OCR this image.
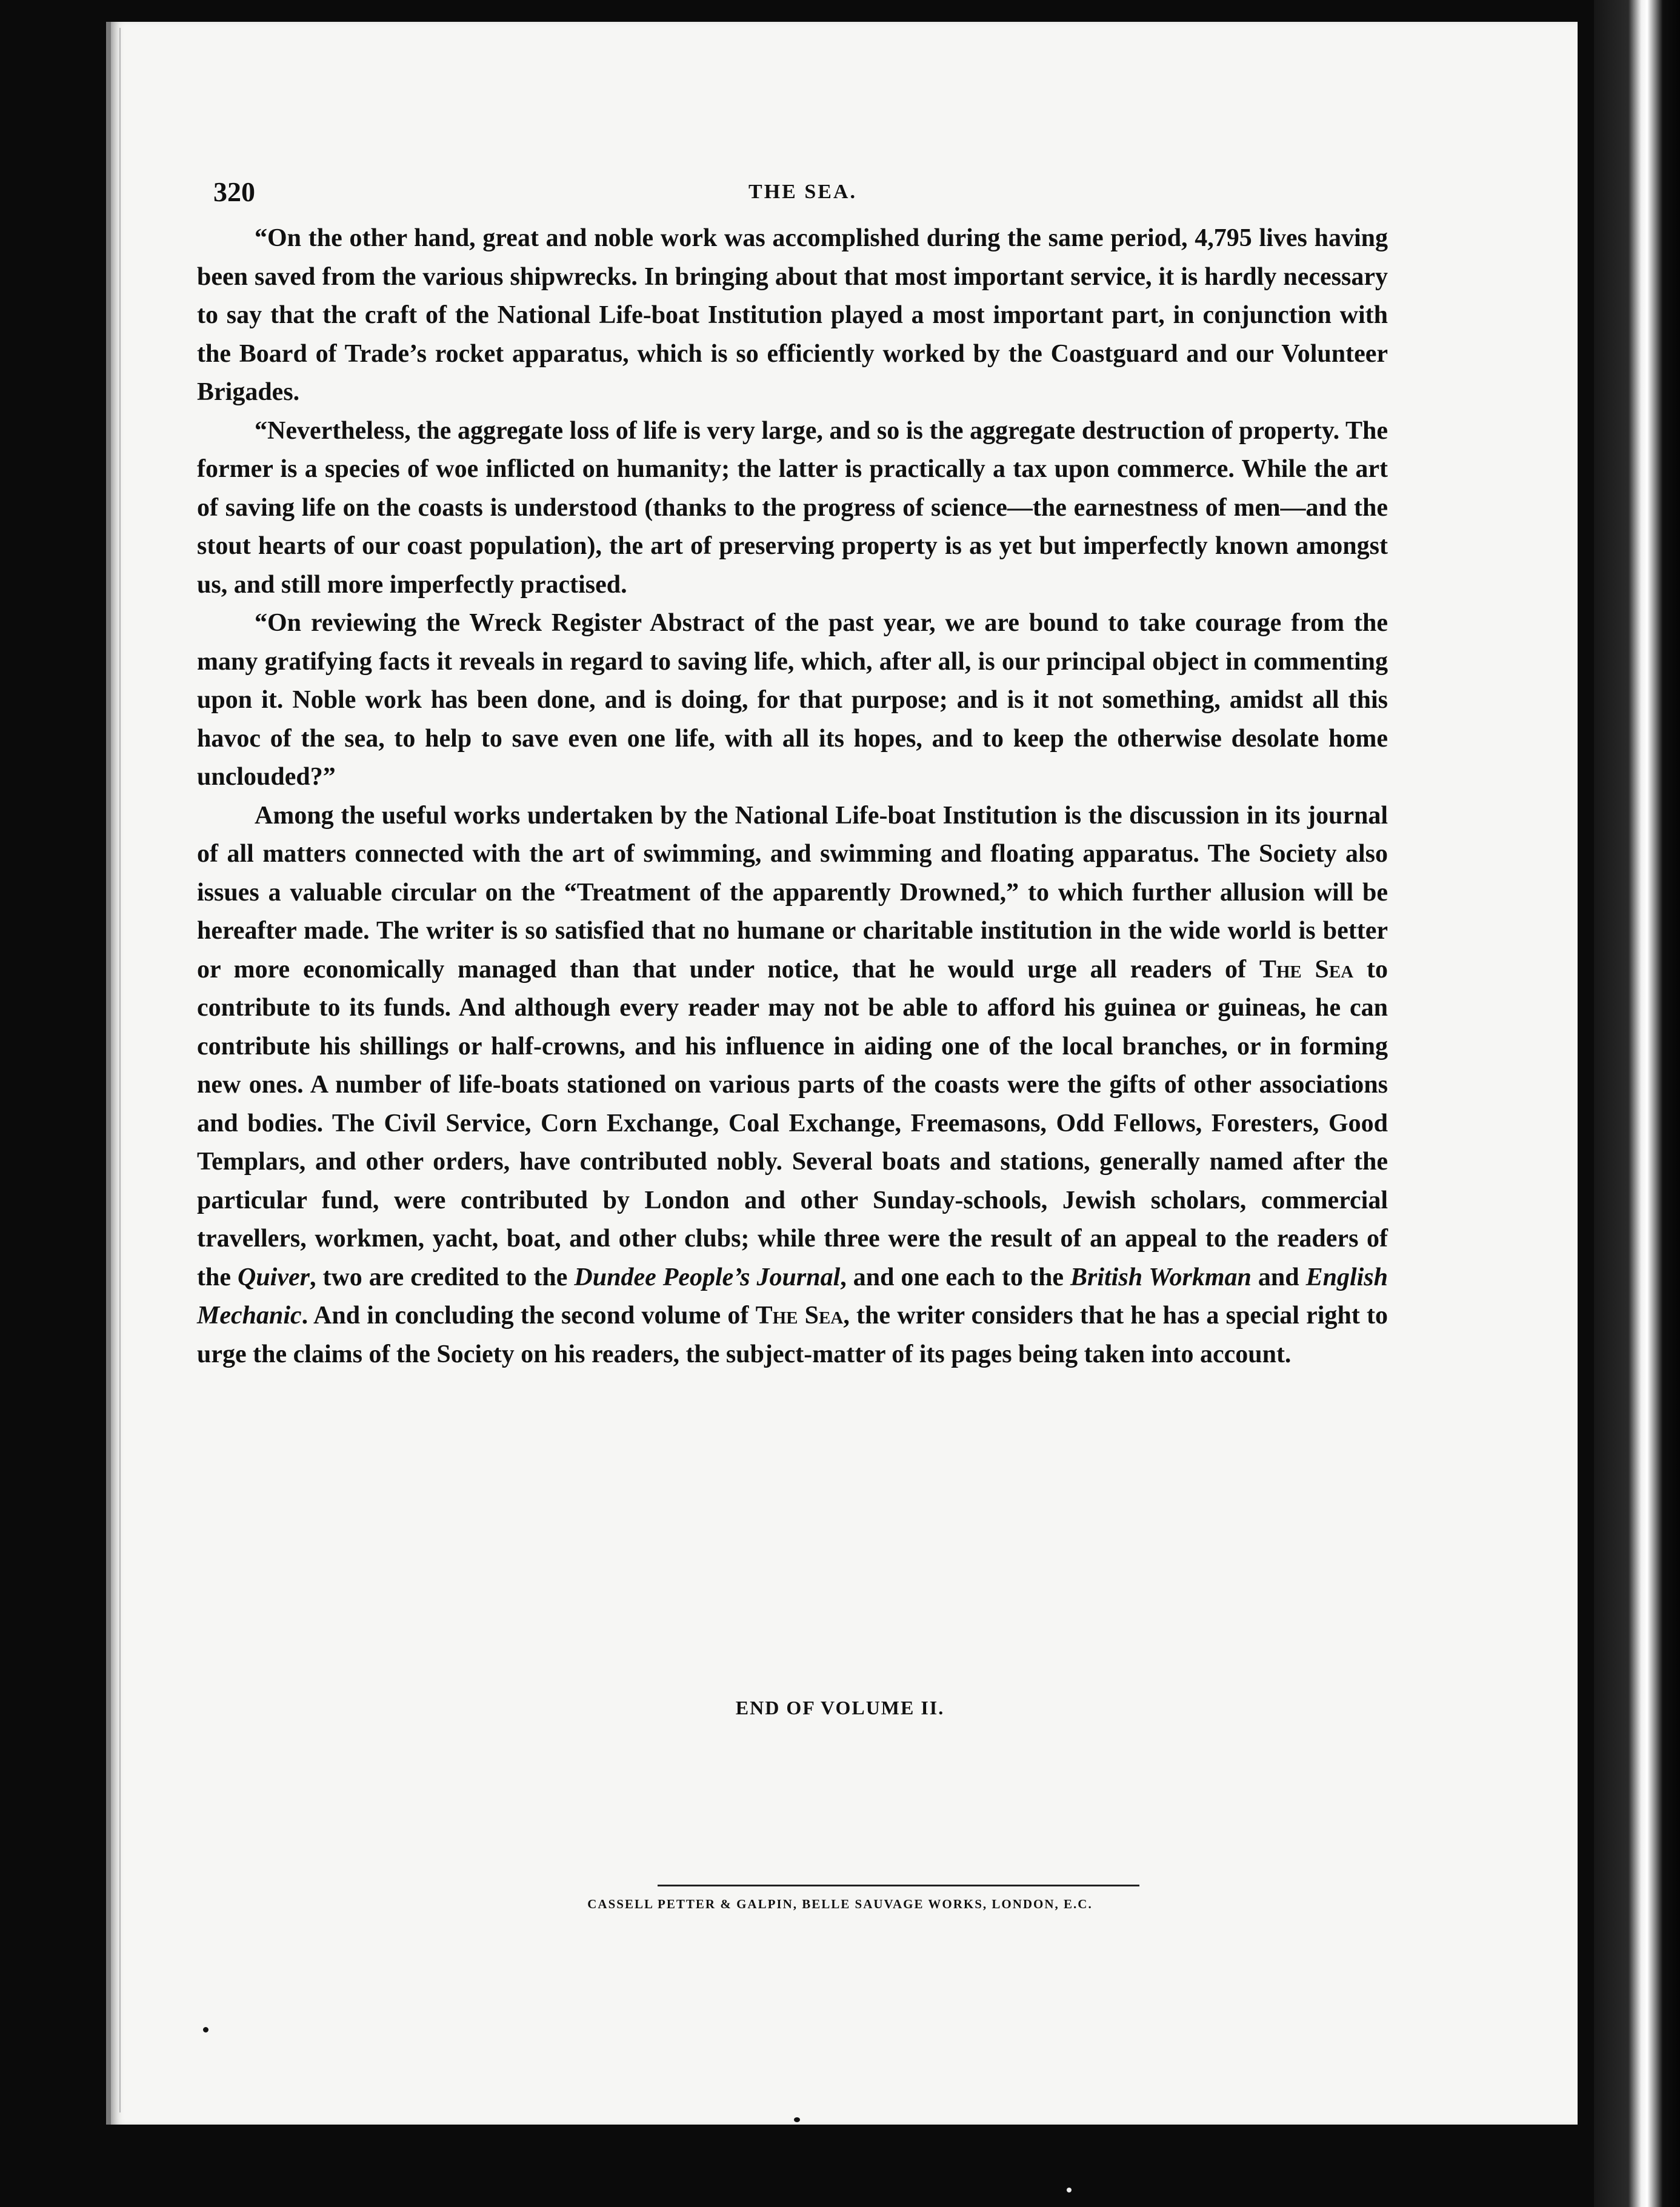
320	THE SEA.

“On the other hand, great and noble work was accomplished during the same period, 4,795 lives having been saved from the various shipwrecks. In bringing about that most important service, it is hardly necessary to say that the craft of the National Life-boat Institution played a most important part, in conjunction with the Board of Trade’s rocket apparatus, which is so efficiently worked by the Coastguard and our Volunteer Brigades.

“Nevertheless, the aggregate loss of life is very large, and so is the aggregate destruction of property. The former is a species of woe inflicted on humanity; the latter is practically a tax upon commerce. While the art of saving life on the coasts is understood (thanks to the progress of science—the earnestness of men—and the stout hearts of our coast population), the art of preserving property is as yet but imperfectly known amongst us, and still more imperfectly practised.

“On reviewing the Wreck Register Abstract of the past year, we are bound to take courage from the many gratifying facts it reveals in regard to saving life, which, after all, is our principal object in commenting upon it. Noble work has been done, and is doing, for that purpose; and is it not something, amidst all this havoc of the sea, to help to save even one life, with all its hopes, and to keep the otherwise desolate home unclouded?”

Among the useful works undertaken by the National Life-boat Institution is the discussion in its journal of all matters connected with the art of swimming, and swimming and floating apparatus. The Society also issues a valuable circular on the “Treatment of the apparently Drowned,” to which further allusion will be hereafter made. The writer is so satisfied that no humane or charitable institution in the wide world is better or more economically managed than that under notice, that he would urge all readers of The Sea to contribute to its funds. And although every reader may not be able to afford his guinea or guineas, he can contribute his shillings or half-crowns, and his influence in aiding one of the local branches, or in forming new ones. A number of life-boats stationed on various parts of the coasts were the gifts of other associations and bodies. The Civil Service, Corn Exchange, Coal Exchange, Freemasons, Odd Fellows, Foresters, Good Templars, and other orders, have contributed nobly. Several boats and stations, generally named after the particular fund, were contributed by London and other Sunday-schools, Jewish scholars, commercial travellers, workmen, yacht, boat, and other clubs; while three were the result of an appeal to the readers of the Quiver, two are credited to the Dundee People’s Journal, and one each to the British Workman and English Mechanic. And in concluding the second volume of The Sea, the writer considers that he has a special right to urge the claims of the Society on his readers, the subject-matter of its pages being taken into account.

END OF VOLUME II.
CASSELL PETTER & GALPIN, BELLE SAUVAGE WORKS, LONDON, E.C.
